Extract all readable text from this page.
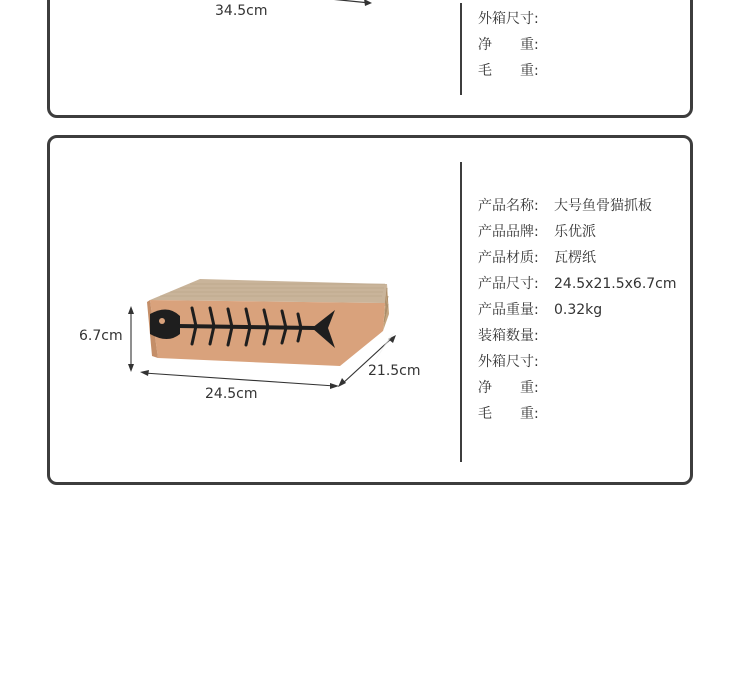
34.5cm	外箱尺寸:
净　　重:
毛　　重:
6.7cm
24.5cm
21.5cm
产品名称:	大号鱼骨猫抓板
产品品牌:	乐优派
产品材质:	瓦楞纸
产品尺寸:	24.5x21.5x6.7cm
产品重量:	0.32kg
装箱数量:
外箱尺寸:
净　　重:
毛　　重:
